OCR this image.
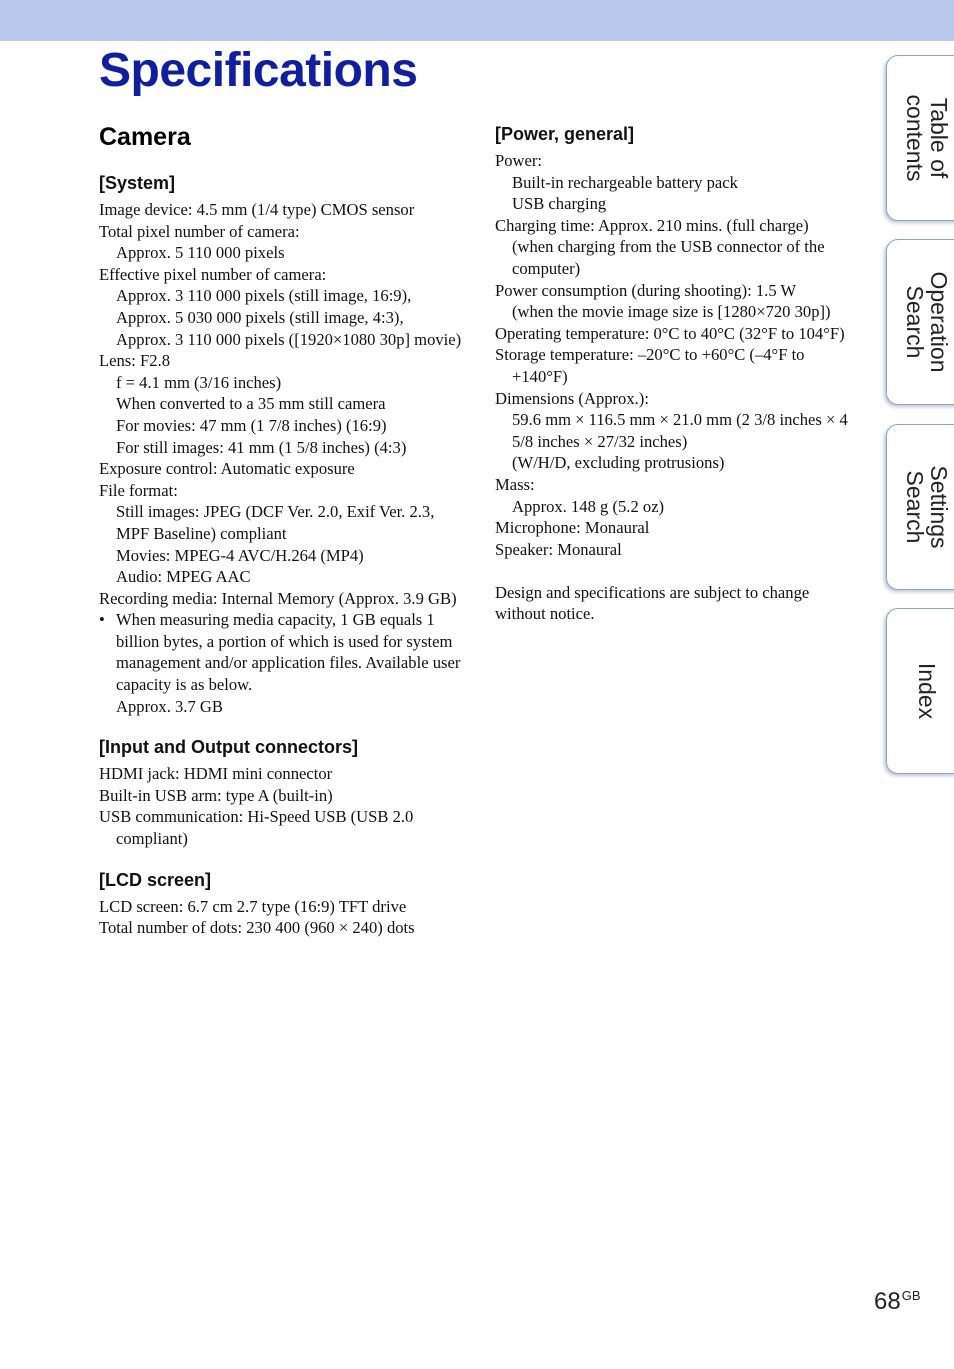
Specifications
Camera
[System]
Image device: 4.5 mm (1/4 type) CMOS sensor
Total pixel number of camera:
Approx. 5 110 000 pixels
Effective pixel number of camera:
Approx. 3 110 000 pixels (still image, 16:9),
Approx. 5 030 000 pixels (still image, 4:3),
Approx. 3 110 000 pixels ([1920×1080 30p] movie)
Lens: F2.8
f = 4.1 mm (3/16 inches)
When converted to a 35 mm still camera
For movies: 47 mm (1 7/8 inches) (16:9)
For still images: 41 mm (1 5/8 inches) (4:3)
Exposure control: Automatic exposure
File format:
Still images: JPEG (DCF Ver. 2.0, Exif Ver. 2.3, MPF Baseline) compliant
Movies: MPEG-4 AVC/H.264 (MP4)
Audio: MPEG AAC
Recording media: Internal Memory (Approx. 3.9 GB)
• When measuring media capacity, 1 GB equals 1 billion bytes, a portion of which is used for system management and/or application files. Available user capacity is as below.
Approx. 3.7 GB
[Input and Output connectors]
HDMI jack: HDMI mini connector
Built-in USB arm: type A (built-in)
USB communication: Hi-Speed USB (USB 2.0 compliant)
[LCD screen]
LCD screen: 6.7 cm 2.7 type (16:9) TFT drive
Total number of dots: 230 400 (960 × 240) dots
[Power, general]
Power:
Built-in rechargeable battery pack
USB charging
Charging time: Approx. 210 mins. (full charge)
(when charging from the USB connector of the computer)
Power consumption (during shooting): 1.5 W
(when the movie image size is [1280×720 30p])
Operating temperature: 0°C to 40°C (32°F to 104°F)
Storage temperature: –20°C to +60°C (–4°F to +140°F)
Dimensions (Approx.):
59.6 mm × 116.5 mm × 21.0 mm (2 3/8 inches × 4 5/8 inches × 27/32 inches)
(W/H/D, excluding protrusions)
Mass:
Approx. 148 g (5.2 oz)
Microphone: Monaural
Speaker: Monaural
Design and specifications are subject to change without notice.
Table of
contents
Operation
Search
Settings
Search
Index
$68^{GB}$
